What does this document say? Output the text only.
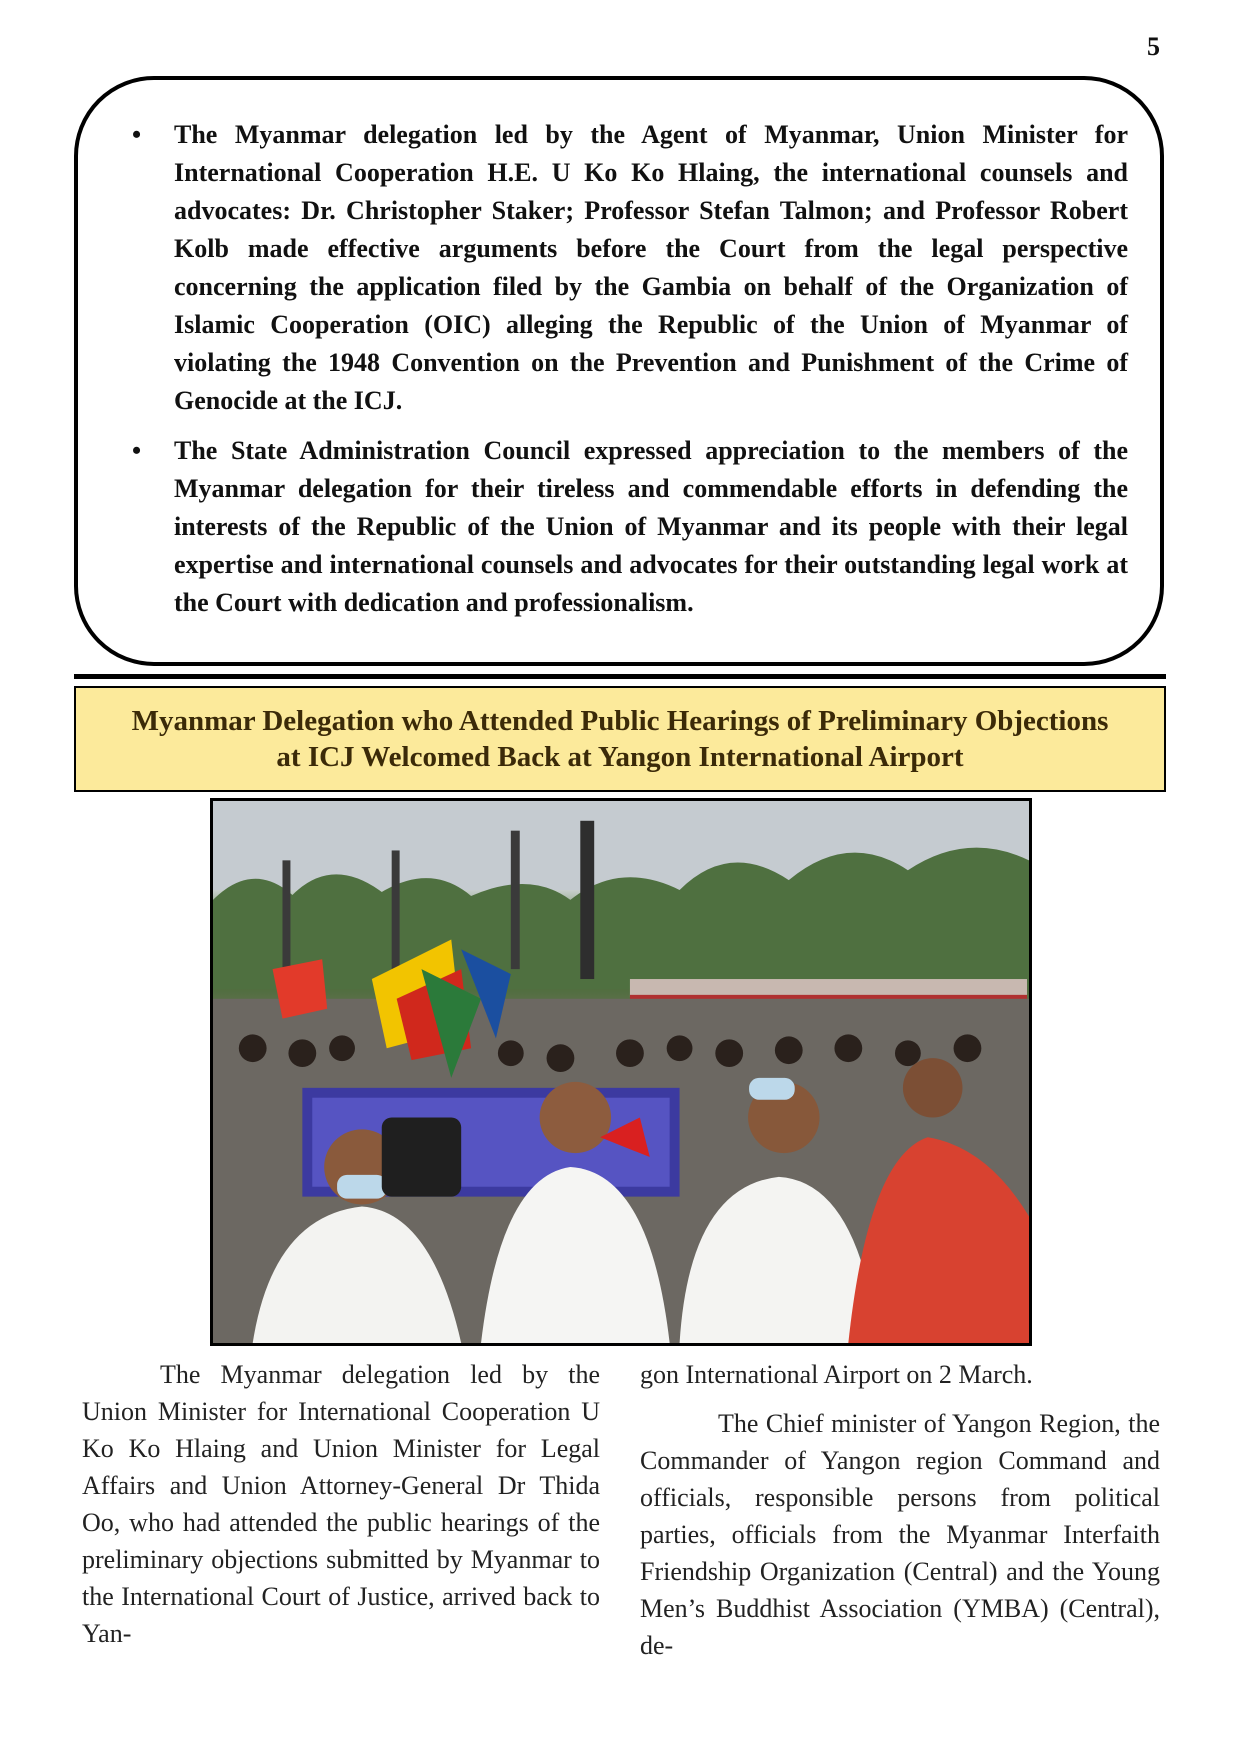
5
• The Myanmar delegation led by the Agent of Myanmar, Union Minister for International Cooperation H.E. U Ko Ko Hlaing, the international counsels and advocates: Dr. Christopher Staker; Professor Stefan Talmon; and Professor Robert Kolb made effective arguments before the Court from the legal perspective concerning the application filed by the Gambia on behalf of the Organization of Islamic Cooperation (OIC) alleging the Republic of the Union of Myanmar of violating the 1948 Convention on the Prevention and Punishment of the Crime of Genocide at the ICJ.
• The State Administration Council expressed appreciation to the members of the Myanmar delegation for their tireless and commendable efforts in defending the interests of the Republic of the Union of Myanmar and its people with their legal expertise and international counsels and advocates for their outstanding legal work at the Court with dedication and professionalism.
Myanmar Delegation who Attended Public Hearings of Preliminary Objections
at ICJ Welcomed Back at Yangon International Airport

The Myanmar delegation led by the Union Minister for International Cooperation U Ko Ko Hlaing and Union Minister for Legal Affairs and Union Attorney-General Dr Thida Oo, who had attended the public hearings of the preliminary objections submitted by Myanmar to the International Court of Justice, arrived back to Yan-

gon International Airport on 2 March.

The Chief minister of Yangon Region, the Commander of Yangon region Command and officials, responsible persons from political parties, officials from the Myanmar Interfaith Friendship Organization (Central) and the Young Men’s Buddhist Association (YMBA) (Central), de-
